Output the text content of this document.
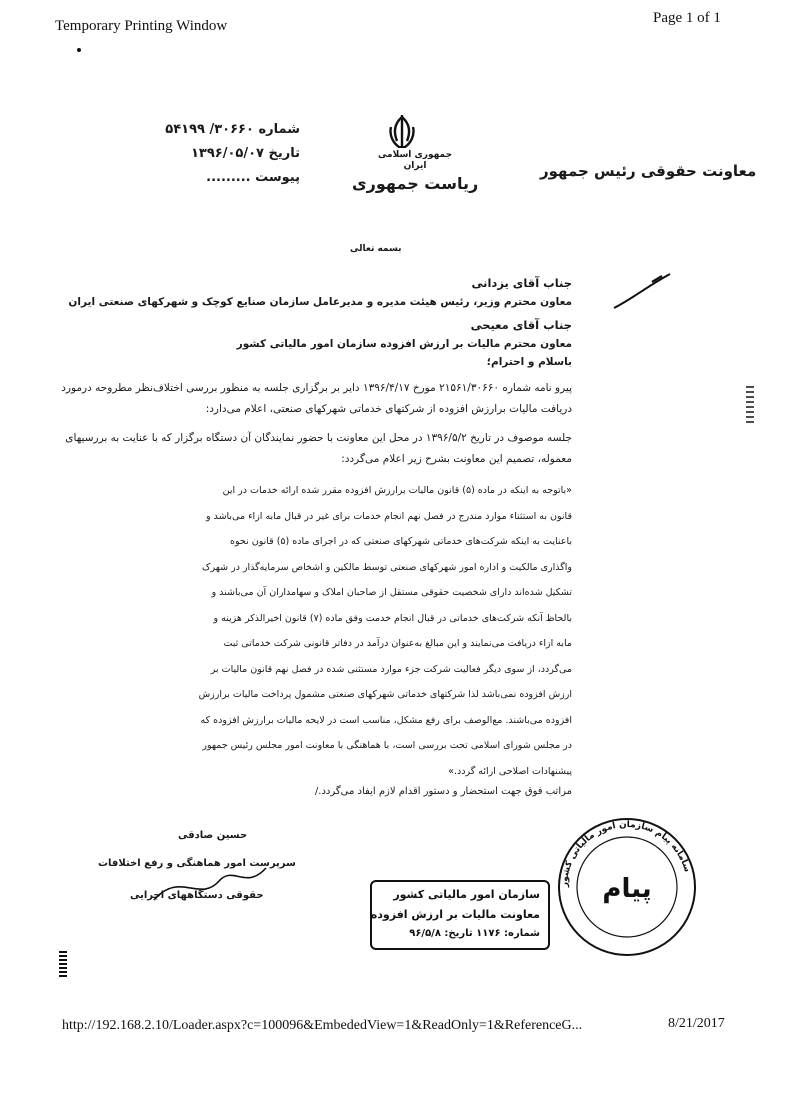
Temporary Printing Window	Page 1 of 1
جمهوری اسلامی ایران
ریاست جمهوری
معاونت حقوقی رئیس جمهور
شماره ۳۰۶۶۰/ ۵۴۱۹۹
تاریخ ۱۳۹۶/۰۵/۰۷
پیوست .........
بسمه تعالی
جناب آقای یزدانی
معاون محترم وزیر، رئیس هیئت مدیره و مدیرعامل سازمان صنایع کوچک و شهرکهای صنعتی ایران
جناب آقای معیحی
معاون محترم مالیات بر ارزش افزوده سازمان امور مالیاتی کشور
باسلام و احترام؛
پیرو نامه شماره ۲۱۵۶۱/۳۰۶۶۰ مورخ ۱۳۹۶/۴/۱۷ دایر بر برگزاری جلسه به منظور بررسی اختلاف‌نظر مطروحه درمورد دریافت مالیات برارزش افزوده از شرکتهای خدماتی شهرکهای صنعتی، اعلام می‌دارد:
جلسه موصوف در تاریخ ۱۳۹۶/۵/۲ در محل این معاونت با حضور نمایندگان آن دستگاه برگزار که با عنایت به بررسیهای معموله، تصمیم این معاونت بشرح زیر اعلام می‌گردد:
«باتوجه به اینکه در ماده (۵) قانون مالیات برارزش افزوده مقرر شده ارائه خدمات در این
قانون به استثناء موارد مندرج در فصل نهم انجام خدمات برای غیر در قبال مابه ازاء می‌باشد و
باعنایت به اینکه شرکت‌های خدماتی شهرکهای صنعتی که در اجرای ماده (۵) قانون نحوه
واگذاری مالکیت و اداره امور شهرکهای صنعتی توسط مالکین و اشخاص سرمایه‌گذار در شهرک
تشکیل شده‌اند دارای شخصیت حقوقی مستقل از صاحبان املاک و سهامداران آن می‌باشند و
بالحاظ آنکه شرکت‌های خدماتی در قبال انجام خدمت وفق ماده (۷) قانون اخیرالذکر هزینه و
مابه ازاء دریافت می‌نمایند و این مبالغ به‌عنوان درآمد در دفاتر قانونی شرکت خدماتی ثبت
می‌گردد، از سوی دیگر فعالیت شرکت جزء موارد مستثنی شده در فصل نهم قانون مالیات بر
ارزش افزوده نمی‌باشد لذا شرکتهای خدماتی شهرکهای صنعتی مشمول پرداخت مالیات برارزش
افزوده می‌باشند. مع‌الوصف برای رفع مشکل، مناسب است در لایحه مالیات برارزش افزوده که
در مجلس شورای اسلامی تحت بررسی است، با هماهنگی با معاونت امور مجلس رئیس جمهور
پیشنهادات اصلاحی ارائه گردد.»
مراتب فوق جهت استحضار و دستور اقدام لازم ایفاد می‌گردد./
حسین صادقی
سرپرست امور هماهنگی و رفع اختلافات
حقوقی دستگاههای اجرایی	سازمان امور مالیاتی کشور
معاونت مالیات بر ارزش افزوده
شماره: ۱۱۷۶ تاریخ: ۹۶/۵/۸
سامانه پیام سازمان امور مالیاتی کشور
پیام
http://192.168.2.10/Loader.aspx?c=100096&EmbededView=1&ReadOnly=1&ReferenceG...	8/21/2017
